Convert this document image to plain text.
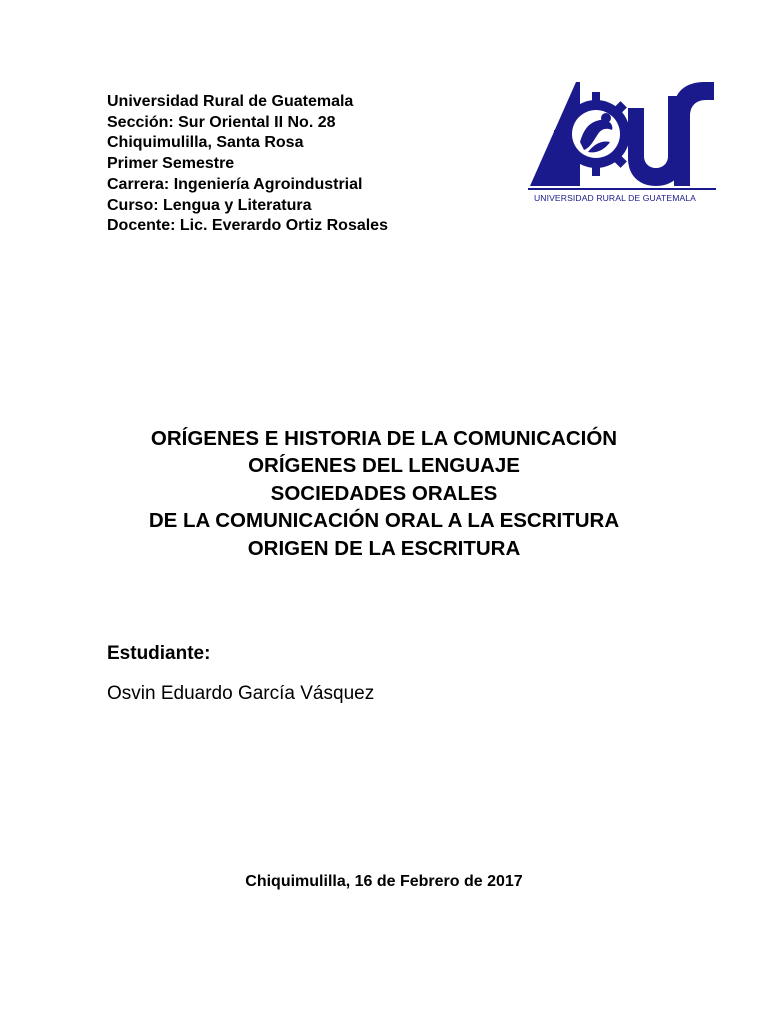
Universidad Rural de Guatemala
Sección: Sur Oriental II No. 28
Chiquimulilla, Santa Rosa
Primer Semestre
Carrera: Ingeniería Agroindustrial
Curso: Lengua y Literatura
Docente: Lic. Everardo Ortiz Rosales
UNIVERSIDAD RURAL DE GUATEMALA
ORÍGENES E HISTORIA DE LA COMUNICACIÓN
ORÍGENES DEL LENGUAJE
SOCIEDADES ORALES
DE LA COMUNICACIÓN ORAL A LA ESCRITURA
ORIGEN DE LA ESCRITURA
Estudiante:
Osvin Eduardo García Vásquez
Chiquimulilla, 16 de Febrero de 2017
